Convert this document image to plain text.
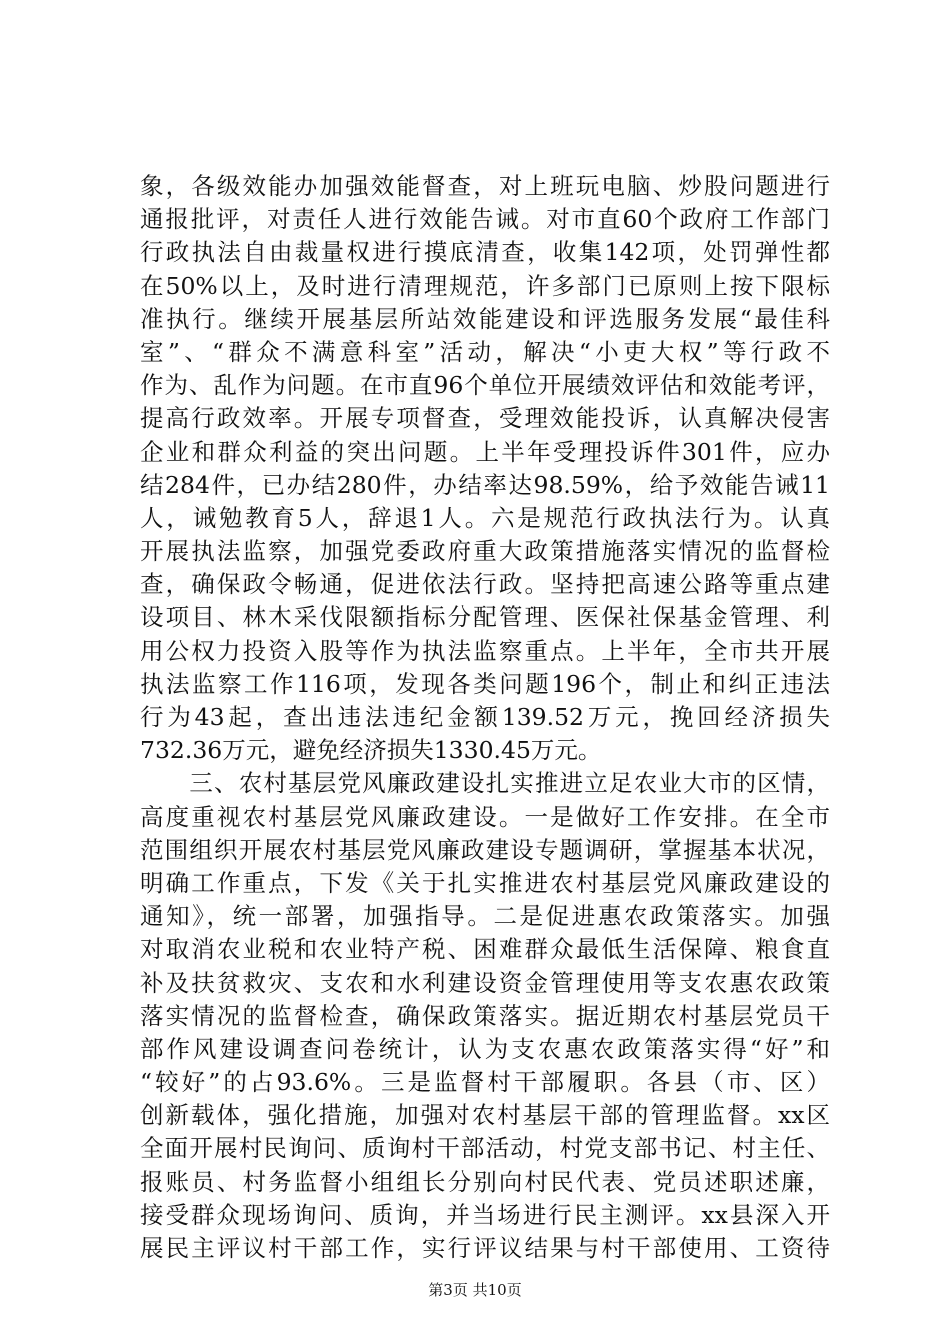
象，各级效能办加强效能督查，对上班玩电脑、炒股问题进行
通报批评，对责任人进行效能告诫。对市直60个政府工作部门
行政执法自由裁量权进行摸底清查，收集142项，处罚弹性都
在50%以上，及时进行清理规范，许多部门已原则上按下限标
准执行。继续开展基层所站效能建设和评选服务发展“最佳科
室”、“群众不满意科室”活动，解决“小吏大权”等行政不
作为、乱作为问题。在市直96个单位开展绩效评估和效能考评，
提高行政效率。开展专项督查，受理效能投诉，认真解决侵害
企业和群众利益的突出问题。上半年受理投诉件301件，应办
结284件，已办结280件，办结率达98.59%，给予效能告诫11
人，诫勉教育5人，辞退1人。六是规范行政执法行为。认真
开展执法监察，加强党委政府重大政策措施落实情况的监督检
查，确保政令畅通，促进依法行政。坚持把高速公路等重点建
设项目、林木采伐限额指标分配管理、医保社保基金管理、利
用公权力投资入股等作为执法监察重点。上半年，全市共开展
执法监察工作116项，发现各类问题196个，制止和纠正违法
行为43起，查出违法违纪金额139.52万元，挽回经济损失
732.36万元，避免经济损失1330.45万元。
　　三、农村基层党风廉政建设扎实推进立足农业大市的区情，
高度重视农村基层党风廉政建设。一是做好工作安排。在全市
范围组织开展农村基层党风廉政建设专题调研，掌握基本状况，
明确工作重点，下发《关于扎实推进农村基层党风廉政建设的
通知》，统一部署，加强指导。二是促进惠农政策落实。加强
对取消农业税和农业特产税、困难群众最低生活保障、粮食直
补及扶贫救灾、支农和水利建设资金管理使用等支农惠农政策
落实情况的监督检查，确保政策落实。据近期农村基层党员干
部作风建设调查问卷统计，认为支农惠农政策落实得“好”和
“较好”的占93.6%。三是监督村干部履职。各县（市、区）
创新载体，强化措施，加强对农村基层干部的管理监督。xx区
全面开展村民询问、质询村干部活动，村党支部书记、村主任、
报账员、村务监督小组组长分别向村民代表、党员述职述廉，
接受群众现场询问、质询，并当场进行民主测评。xx县深入开
展民主评议村干部工作，实行评议结果与村干部使用、工资待
第3页 共10页
